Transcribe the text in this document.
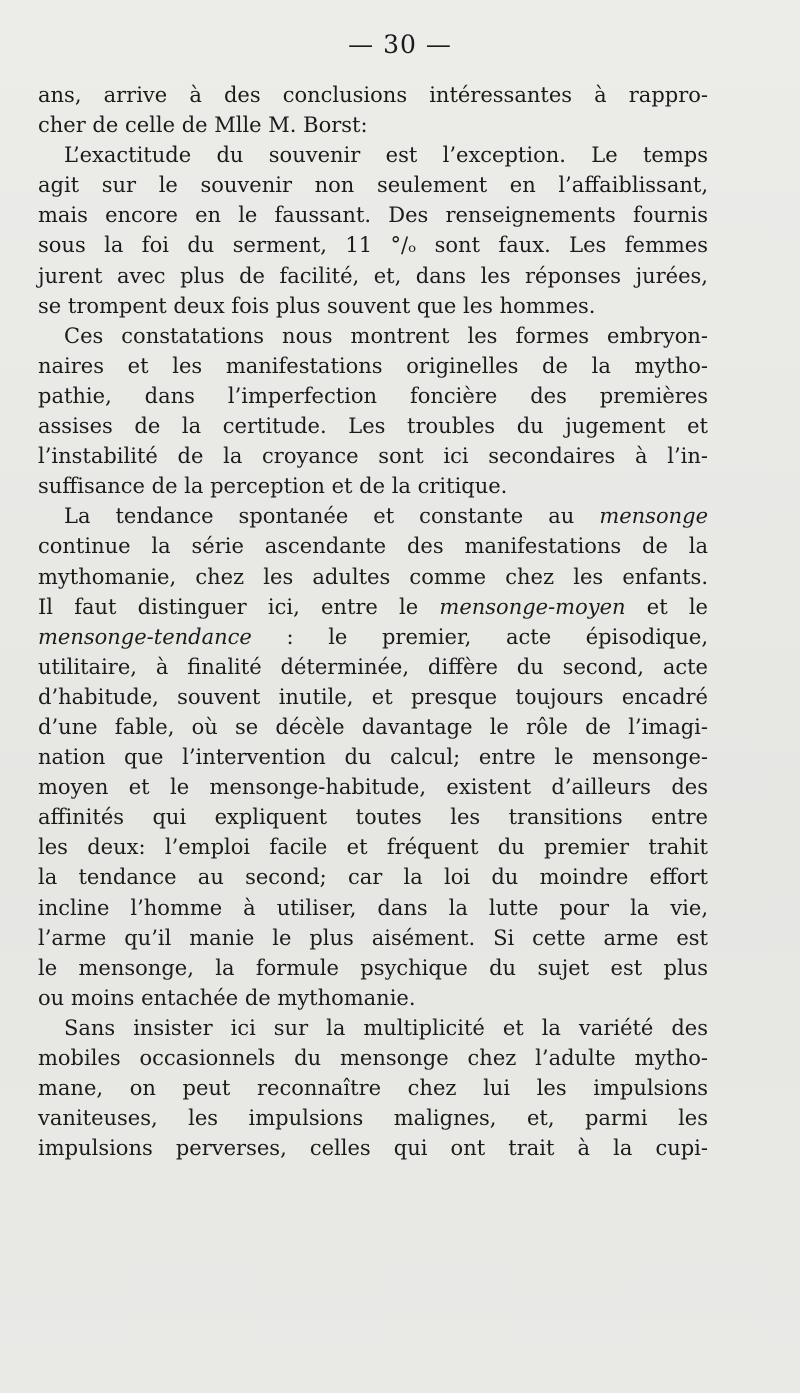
— 30 —
ans, arrive à des conclusions intéressantes à rappro-
cher de celle de Mlle M. Borst:
L’exactitude du souvenir est l’exception. Le temps
agit sur le souvenir non seulement en l’affaiblissant,
mais encore en le faussant. Des renseignements fournis
sous la foi du serment, 11 °/ₒ sont faux. Les femmes
jurent avec plus de facilité, et, dans les réponses jurées,
se trompent deux fois plus souvent que les hommes.
Ces constatations nous montrent les formes embryon-
naires et les manifestations originelles de la mytho-
pathie, dans l’imperfection foncière des premières
assises de la certitude. Les troubles du jugement et
l’instabilité de la croyance sont ici secondaires à l’in-
suffisance de la perception et de la critique.
La tendance spontanée et constante au mensonge
continue la série ascendante des manifestations de la
mythomanie, chez les adultes comme chez les enfants.
Il faut distinguer ici, entre le mensonge-moyen et le
mensonge-tendance : le premier, acte épisodique,
utilitaire, à finalité déterminée, diffère du second, acte
d’habitude, souvent inutile, et presque toujours encadré
d’une fable, où se décèle davantage le rôle de l’imagi-
nation que l’intervention du calcul; entre le mensonge-
moyen et le mensonge-habitude, existent d’ailleurs des
affinités qui expliquent toutes les transitions entre
les deux: l’emploi facile et fréquent du premier trahit
la tendance au second; car la loi du moindre effort
incline l’homme à utiliser, dans la lutte pour la vie,
l’arme qu’il manie le plus aisément. Si cette arme est
le mensonge, la formule psychique du sujet est plus
ou moins entachée de mythomanie.
Sans insister ici sur la multiplicité et la variété des
mobiles occasionnels du mensonge chez l’adulte mytho-
mane, on peut reconnaître chez lui les impulsions
vaniteuses, les impulsions malignes, et, parmi les
impulsions perverses, celles qui ont trait à la cupi-
